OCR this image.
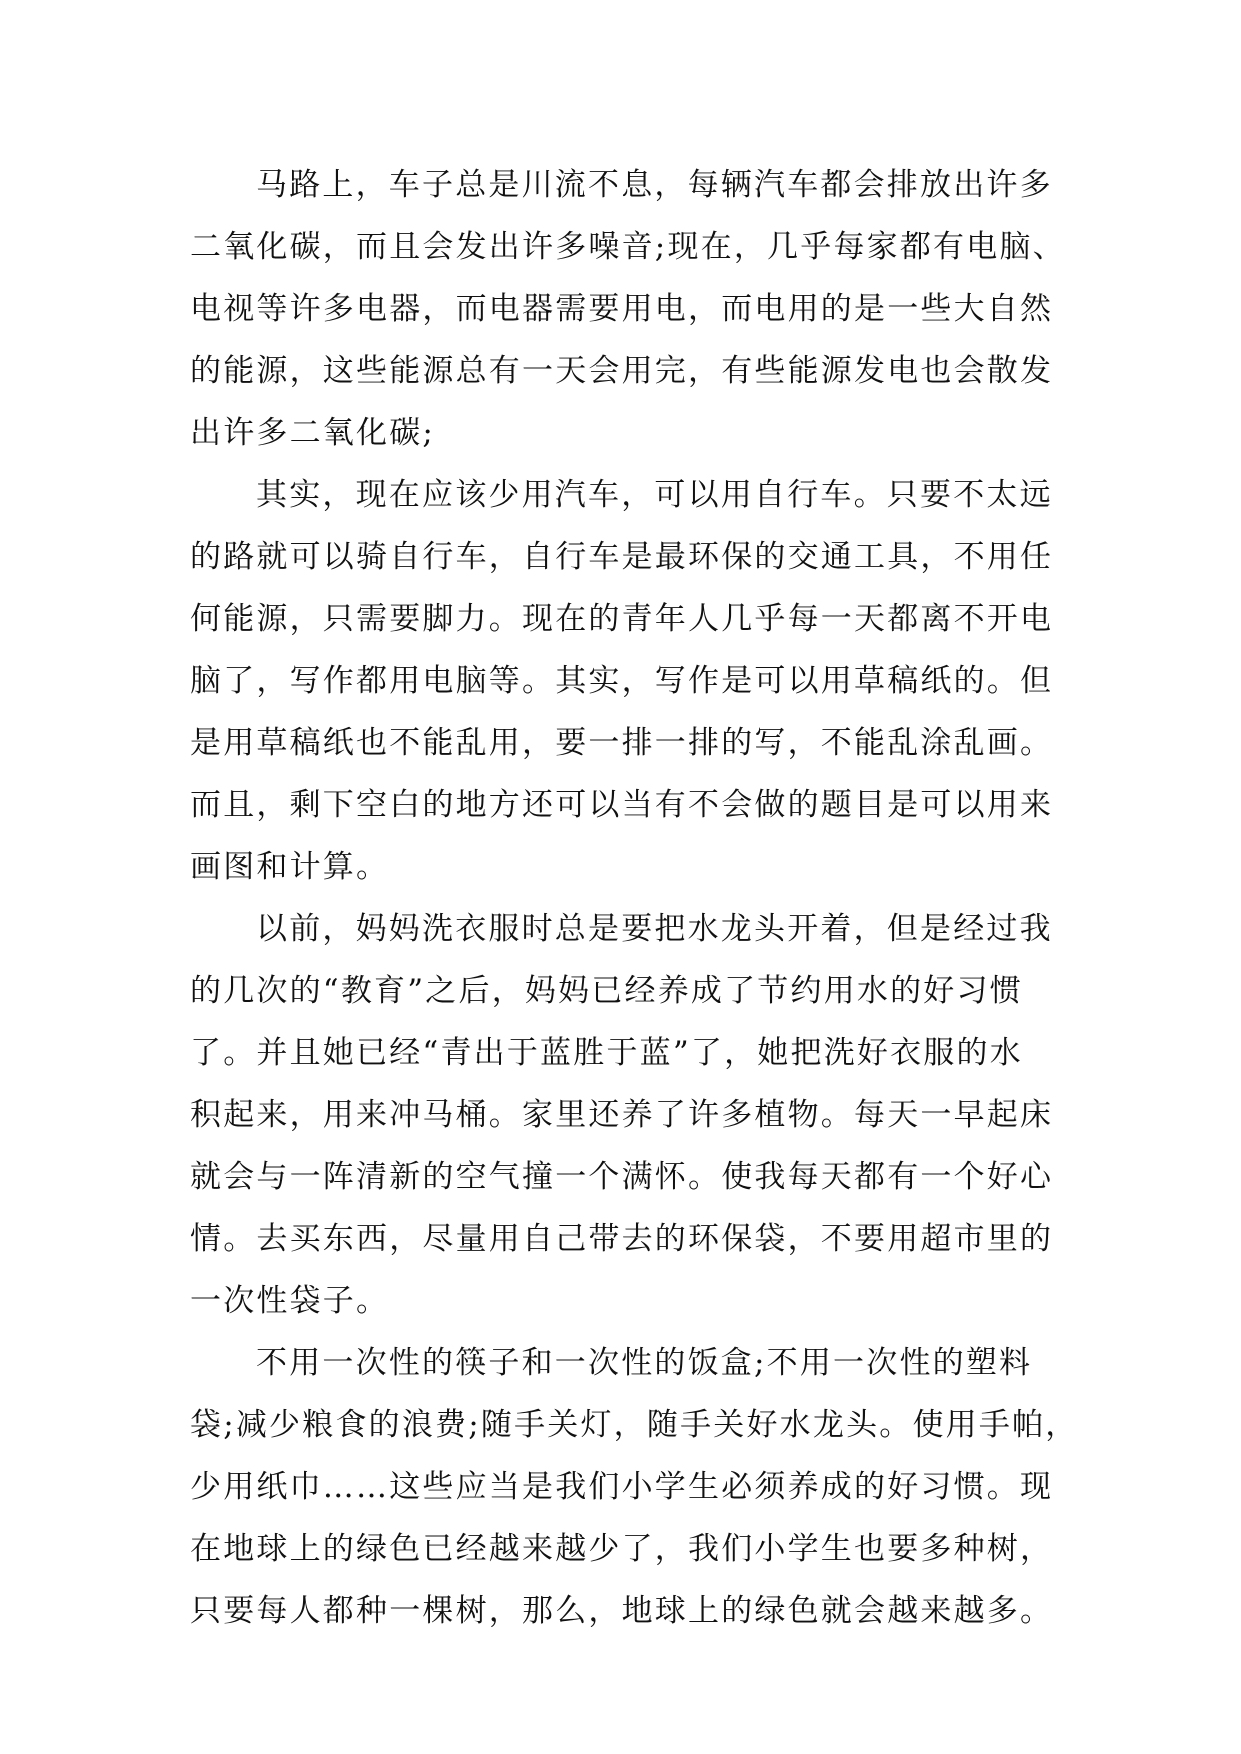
马路上，车子总是川流不息，每辆汽车都会排放出许多
二氧化碳，而且会发出许多噪音;现在，几乎每家都有电脑、
电视等许多电器，而电器需要用电，而电用的是一些大自然
的能源，这些能源总有一天会用完，有些能源发电也会散发
出许多二氧化碳;
其实，现在应该少用汽车，可以用自行车。只要不太远
的路就可以骑自行车，自行车是最环保的交通工具，不用任
何能源，只需要脚力。现在的青年人几乎每一天都离不开电
脑了，写作都用电脑等。其实，写作是可以用草稿纸的。但
是用草稿纸也不能乱用，要一排一排的写，不能乱涂乱画。
而且，剩下空白的地方还可以当有不会做的题目是可以用来
画图和计算。
以前，妈妈洗衣服时总是要把水龙头开着，但是经过我
的几次的“教育”之后，妈妈已经养成了节约用水的好习惯
了。并且她已经“青出于蓝胜于蓝”了，她把洗好衣服的水
积起来，用来冲马桶。家里还养了许多植物。每天一早起床
就会与一阵清新的空气撞一个满怀。使我每天都有一个好心
情。去买东西，尽量用自己带去的环保袋，不要用超市里的
一次性袋子。
不用一次性的筷子和一次性的饭盒;不用一次性的塑料
袋;减少粮食的浪费;随手关灯，随手关好水龙头。使用手帕，
少用纸巾……这些应当是我们小学生必须养成的好习惯。现
在地球上的绿色已经越来越少了，我们小学生也要多种树，
只要每人都种一棵树，那么，地球上的绿色就会越来越多。
